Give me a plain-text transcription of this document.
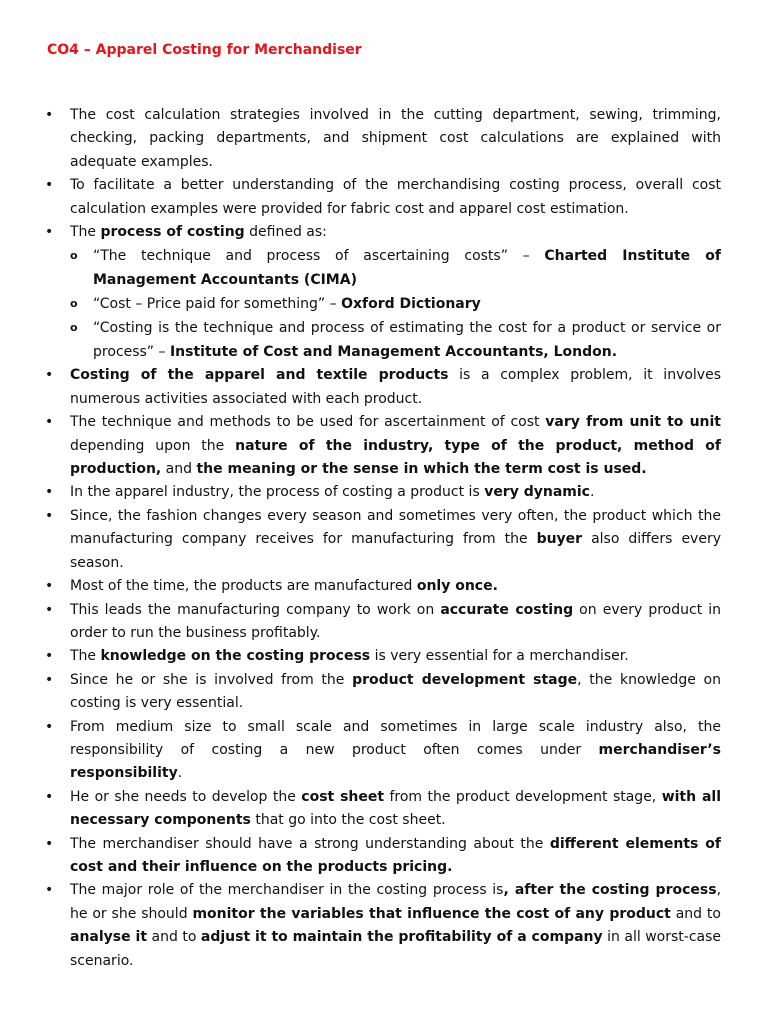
CO4 – Apparel Costing for Merchandiser
• The cost calculation strategies involved in the cutting department, sewing, trimming, checking, packing departments, and shipment cost calculations are explained with adequate examples.
• To facilitate a better understanding of the merchandising costing process, overall cost calculation examples were provided for fabric cost and apparel cost estimation.
• The process of costing defined as:
o “The technique and process of ascertaining costs” – Charted Institute of Management Accountants (CIMA)
o “Cost – Price paid for something” – Oxford Dictionary
o “Costing is the technique and process of estimating the cost for a product or service or process” – Institute of Cost and Management Accountants, London.
• Costing of the apparel and textile products is a complex problem, it involves numerous activities associated with each product.
• The technique and methods to be used for ascertainment of cost vary from unit to unit depending upon the nature of the industry, type of the product, method of production, and the meaning or the sense in which the term cost is used.
• In the apparel industry, the process of costing a product is very dynamic.
• Since, the fashion changes every season and sometimes very often, the product which the manufacturing company receives for manufacturing from the buyer also differs every season.
• Most of the time, the products are manufactured only once.
• This leads the manufacturing company to work on accurate costing on every product in order to run the business profitably.
• The knowledge on the costing process is very essential for a merchandiser.
• Since he or she is involved from the product development stage, the knowledge on costing is very essential.
• From medium size to small scale and sometimes in large scale industry also, the responsibility of costing a new product often comes under merchandiser’s responsibility.
• He or she needs to develop the cost sheet from the product development stage, with all necessary components that go into the cost sheet.
• The merchandiser should have a strong understanding about the different elements of cost and their influence on the products pricing.
• The major role of the merchandiser in the costing process is, after the costing process, he or she should monitor the variables that influence the cost of any product and to analyse it and to adjust it to maintain the profitability of a company in all worst-case scenario.
